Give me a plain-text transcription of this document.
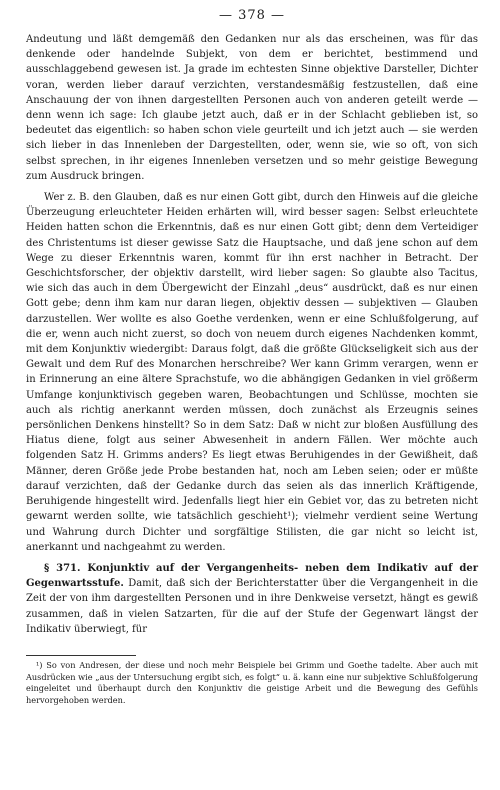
— 378 —

Andeutung und läßt demgemäß den Gedanken nur als das erscheinen, was für das denkende oder handelnde Subjekt, von dem er berichtet, bestimmend und ausschlaggebend gewesen ist. Ja grade im echtesten Sinne objektive Darsteller, Dichter voran, werden lieber darauf verzichten, verstandesmäßig festzustellen, daß eine Anschauung der von ihnen dargestellten Personen auch von anderen geteilt werde — denn wenn ich sage: Ich glaube jetzt auch, daß er in der Schlacht geblieben ist, so bedeutet das eigentlich: so haben schon viele geurteilt und ich jetzt auch — sie werden sich lieber in das Innenleben der Dargestellten, oder, wenn sie, wie so oft, von sich selbst sprechen, in ihr eigenes Innenleben versetzen und so mehr geistige Bewegung zum Ausdruck bringen.

Wer z. B. den Glauben, daß es nur einen Gott gibt, durch den Hinweis auf die gleiche Überzeugung erleuchteter Heiden erhärten will, wird besser sagen: Selbst erleuchtete Heiden hatten schon die Erkenntnis, daß es nur einen Gott gibt; denn dem Verteidiger des Christentums ist dieser gewisse Satz die Hauptsache, und daß jene schon auf dem Wege zu dieser Erkenntnis waren, kommt für ihn erst nachher in Betracht. Der Geschichtsforscher, der objektiv darstellt, wird lieber sagen: So glaubte also Tacitus, wie sich das auch in dem Übergewicht der Einzahl „deus“ ausdrückt, daß es nur einen Gott gebe; denn ihm kam nur daran liegen, objektiv dessen — subjektiven — Glauben darzustellen. Wer wollte es also Goethe verdenken, wenn er eine Schlußfolgerung, auf die er, wenn auch nicht zuerst, so doch von neuem durch eigenes Nachdenken kommt, mit dem Konjunktiv wiedergibt: Daraus folgt, daß die größte Glückseligkeit sich aus der Gewalt und dem Ruf des Monarchen herschreibe? Wer kann Grimm verargen, wenn er in Erinnerung an eine ältere Sprachstufe, wo die abhängigen Gedanken in viel größerm Umfange konjunktivisch gegeben waren, Beobachtungen und Schlüsse, mochten sie auch als richtig anerkannt werden müssen, doch zunächst als Erzeugnis seines persönlichen Denkens hinstellt? So in dem Satz: Daß w nicht zur bloßen Ausfüllung des Hiatus diene, folgt aus seiner Abwesenheit in andern Fällen. Wer möchte auch folgenden Satz H. Grimms anders? Es liegt etwas Beruhigendes in der Gewißheit, daß Männer, deren Größe jede Probe bestanden hat, noch am Leben seien; oder er müßte darauf verzichten, daß der Gedanke durch das seien als das innerlich Kräftigende, Beruhigende hingestellt wird. Jedenfalls liegt hier ein Gebiet vor, das zu betreten nicht gewarnt werden sollte, wie tatsächlich geschieht¹); vielmehr verdient seine Wertung und Wahrung durch Dichter und sorgfältige Stilisten, die gar nicht so leicht ist, anerkannt und nachgeahmt zu werden.

§ 371. Konjunktiv auf der Vergangenheits- neben dem Indikativ auf der Gegenwartsstufe. Damit, daß sich der Berichterstatter über die Vergangenheit in die Zeit der von ihm dargestellten Personen und in ihre Denkweise versetzt, hängt es gewiß zusammen, daß in vielen Satzarten, für die auf der Stufe der Gegenwart längst der Indikativ überwiegt, für

¹) So von Andresen, der diese und noch mehr Beispiele bei Grimm und Goethe tadelte. Aber auch mit Ausdrücken wie „aus der Untersuchung ergibt sich, es folgt“ u. ä. kann eine nur subjektive Schlußfolgerung eingeleitet und überhaupt durch den Konjunktiv die geistige Arbeit und die Bewegung des Gefühls hervorgehoben werden.
